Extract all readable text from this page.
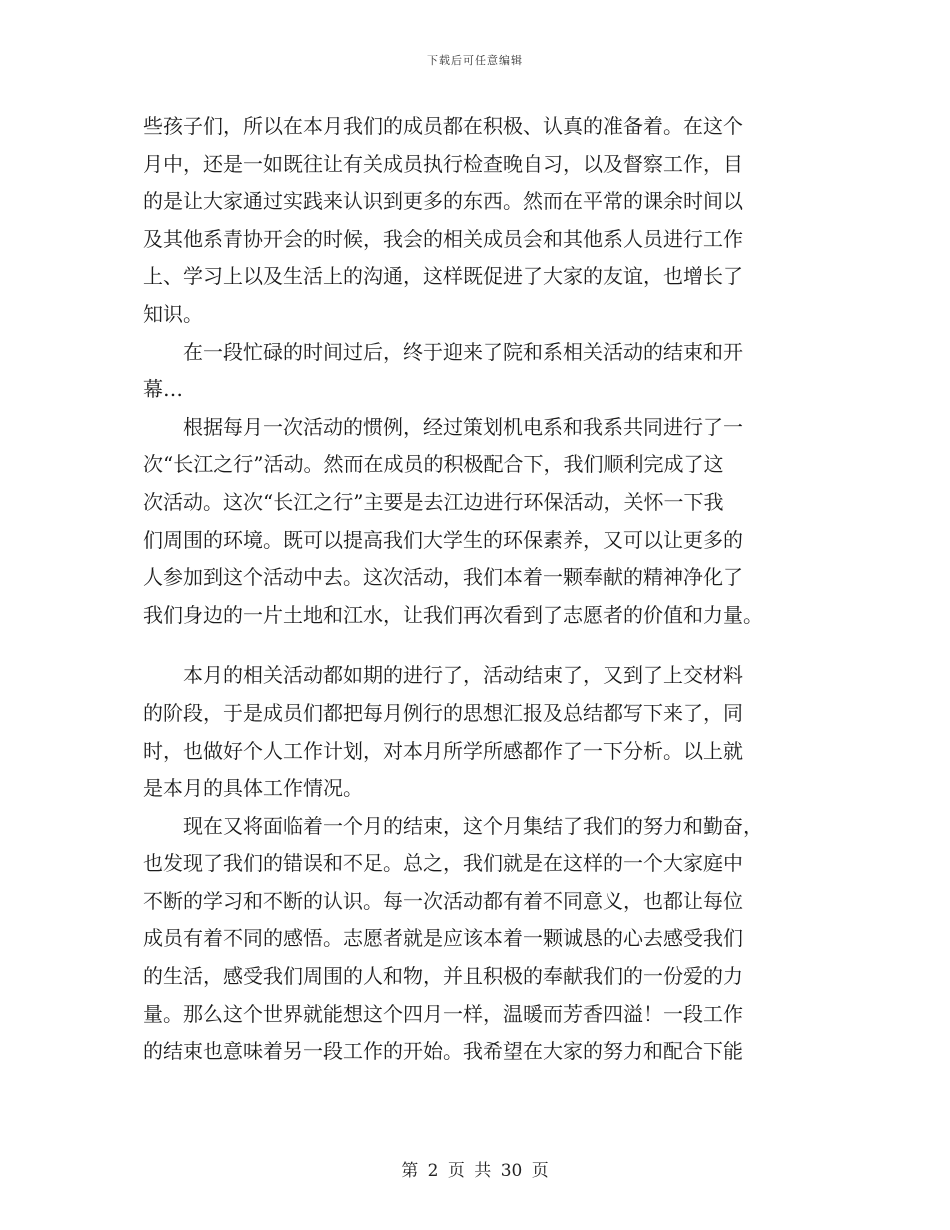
下载后可任意编辑
些孩子们，所以在本月我们的成员都在积极、认真的准备着。在这个
月中，还是一如既往让有关成员执行检查晚自习，以及督察工作，目
的是让大家通过实践来认识到更多的东西。然而在平常的课余时间以
及其他系青协开会的时候，我会的相关成员会和其他系人员进行工作
上、学习上以及生活上的沟通，这样既促进了大家的友谊，也增长了
知识。
在一段忙碌的时间过后，终于迎来了院和系相关活动的结束和开
幕…
根据每月一次活动的惯例，经过策划机电系和我系共同进行了一
次“长江之行”活动。然而在成员的积极配合下，我们顺利完成了这
次活动。这次“长江之行”主要是去江边进行环保活动，关怀一下我
们周围的环境。既可以提高我们大学生的环保素养，又可以让更多的
人参加到这个活动中去。这次活动，我们本着一颗奉献的精神净化了
我们身边的一片土地和江水，让我们再次看到了志愿者的价值和力量。
本月的相关活动都如期的进行了，活动结束了，又到了上交材料
的阶段，于是成员们都把每月例行的思想汇报及总结都写下来了，同
时，也做好个人工作计划，对本月所学所感都作了一下分析。以上就
是本月的具体工作情况。
现在又将面临着一个月的结束，这个月集结了我们的努力和勤奋，
也发现了我们的错误和不足。总之，我们就是在这样的一个大家庭中
不断的学习和不断的认识。每一次活动都有着不同意义，也都让每位
成员有着不同的感悟。志愿者就是应该本着一颗诚恳的心去感受我们
的生活，感受我们周围的人和物，并且积极的奉献我们的一份爱的力
量。那么这个世界就能想这个四月一样，温暖而芳香四溢！一段工作
的结束也意味着另一段工作的开始。我希望在大家的努力和配合下能
第 2 页 共 30 页
